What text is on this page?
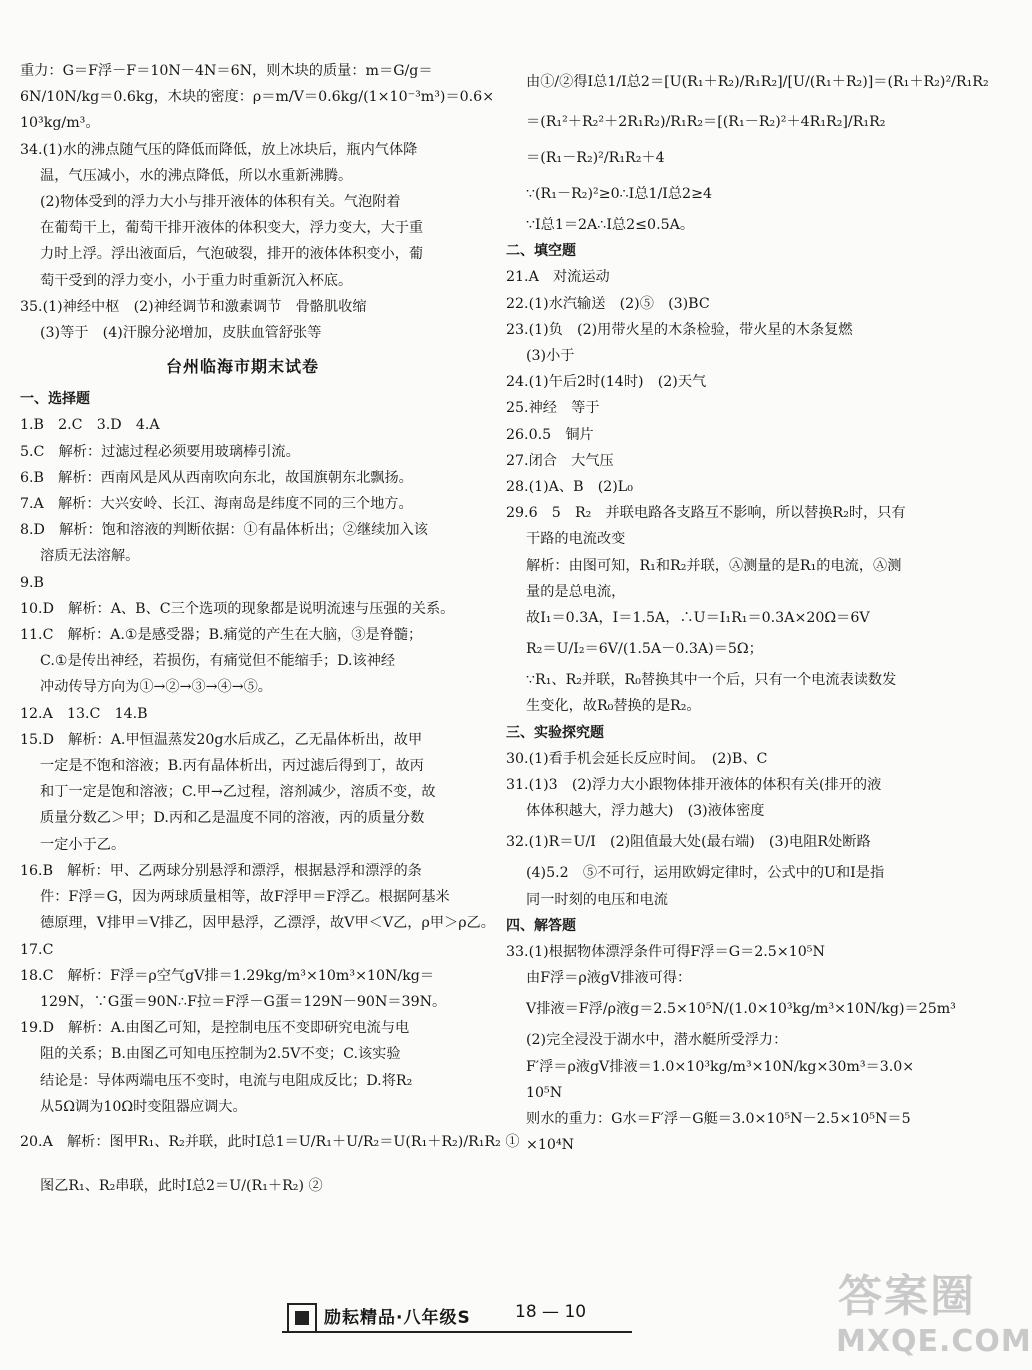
重力：G＝F浮－F＝10N－4N＝6N，则木块的质量：m＝G/g＝
6N/10N/kg＝0.6kg，木块的密度：ρ＝m/V＝0.6kg/(1×10⁻³m³)＝0.6×
10³kg/m³。
34.(1)水的沸点随气压的降低而降低，放上冰块后，瓶内气体降
温，气压减小，水的沸点降低，所以水重新沸腾。
(2)物体受到的浮力大小与排开液体的体积有关。气泡附着
在葡萄干上，葡萄干排开液体的体积变大，浮力变大，大于重
力时上浮。浮出液面后，气泡破裂，排开的液体体积变小，葡
萄干受到的浮力变小，小于重力时重新沉入杯底。
35.(1)神经中枢　(2)神经调节和激素调节　骨骼肌收缩
(3)等于　(4)汗腺分泌增加，皮肤血管舒张等
台州临海市期末试卷
一、选择题
1.B　2.C　3.D　4.A
5.C　解析：过滤过程必须要用玻璃棒引流。
6.B　解析：西南风是风从西南吹向东北，故国旗朝东北飘扬。
7.A　解析：大兴安岭、长江、海南岛是纬度不同的三个地方。
8.D　解析：饱和溶液的判断依据：①有晶体析出；②继续加入该
溶质无法溶解。
9.B
10.D　解析：A、B、C三个选项的现象都是说明流速与压强的关系。
11.C　解析：A.①是感受器；B.痛觉的产生在大脑，③是脊髓；
C.①是传出神经，若损伤，有痛觉但不能缩手；D.该神经
冲动传导方向为①→②→③→④→⑤。
12.A　13.C　14.B
15.D　解析：A.甲恒温蒸发20g水后成乙，乙无晶体析出，故甲
一定是不饱和溶液；B.丙有晶体析出，丙过滤后得到丁，故丙
和丁一定是饱和溶液；C.甲→乙过程，溶剂减少，溶质不变，故
质量分数乙＞甲；D.丙和乙是温度不同的溶液，丙的质量分数
一定小于乙。
16.B　解析：甲、乙两球分别悬浮和漂浮，根据悬浮和漂浮的条
件：F浮＝G，因为两球质量相等，故F浮甲＝F浮乙。根据阿基米
德原理，V排甲＝V排乙，因甲悬浮，乙漂浮，故V甲＜V乙，ρ甲＞ρ乙。
17.C
18.C　解析：F浮＝ρ空气gV排＝1.29kg/m³×10m³×10N/kg＝
129N，∵G蛋＝90N∴F拉＝F浮－G蛋＝129N－90N＝39N。
19.D　解析：A.由图乙可知，是控制电压不变即研究电流与电
阻的关系；B.由图乙可知电压控制为2.5V不变；C.该实验
结论是：导体两端电压不变时，电流与电阻成反比；D.将R₂
从5Ω调为10Ω时变阻器应调大。
20.A　解析：图甲R₁、R₂并联，此时I总1＝U/R₁＋U/R₂＝U(R₁＋R₂)/R₁R₂ ①
图乙R₁、R₂串联，此时I总2＝U/(R₁＋R₂) ②
由①/②得I总1/I总2＝[U(R₁＋R₂)/R₁R₂]/[U/(R₁＋R₂)]＝(R₁＋R₂)²/R₁R₂
＝(R₁²＋R₂²＋2R₁R₂)/R₁R₂＝[(R₁－R₂)²＋4R₁R₂]/R₁R₂
＝(R₁－R₂)²/R₁R₂＋4
∵(R₁－R₂)²≥0∴I总1/I总2≥4
∵I总1＝2A∴I总2≤0.5A。
二、填空题
21.A　对流运动
22.(1)水汽输送　(2)⑤　(3)BC
23.(1)负　(2)用带火星的木条检验，带火星的木条复燃
(3)小于
24.(1)午后2时(14时)　(2)天气
25.神经　等于
26.0.5　铜片
27.闭合　大气压
28.(1)A、B　(2)L₀
29.6　5　R₂　并联电路各支路互不影响，所以替换R₂时，只有
干路的电流改变
解析：由图可知，R₁和R₂并联，Ⓐ测量的是R₁的电流，Ⓐ测
量的是总电流，
故I₁＝0.3A，I＝1.5A，∴U＝I₁R₁＝0.3A×20Ω＝6V
R₂＝U/I₂＝6V/(1.5A－0.3A)＝5Ω；
∵R₁、R₂并联，R₀替换其中一个后，只有一个电流表读数发
生变化，故R₀替换的是R₂。
三、实验探究题
30.(1)看手机会延长反应时间。　(2)B、C
31.(1)3　(2)浮力大小跟物体排开液体的体积有关(排开的液
体体积越大，浮力越大)　(3)液体密度
32.(1)R＝U/I　(2)阻值最大处(最右端)　(3)电阻R处断路
(4)5.2　⑤不可行，运用欧姆定律时，公式中的U和I是指
同一时刻的电压和电流
四、解答题
33.(1)根据物体漂浮条件可得F浮＝G＝2.5×10⁵N
由F浮＝ρ液gV排液可得：
V排液＝F浮/ρ液g＝2.5×10⁵N/(1.0×10³kg/m³×10N/kg)＝25m³
(2)完全浸没于湖水中，潜水艇所受浮力：
F′浮＝ρ液gV排液＝1.0×10³kg/m³×10N/kg×30m³＝3.0×
10⁵N
则水的重力：G水＝F′浮－G艇＝3.0×10⁵N－2.5×10⁵N＝5
×10⁴N
励耘精品·八年级S	18 — 10	答案圈
MXQE.COM
